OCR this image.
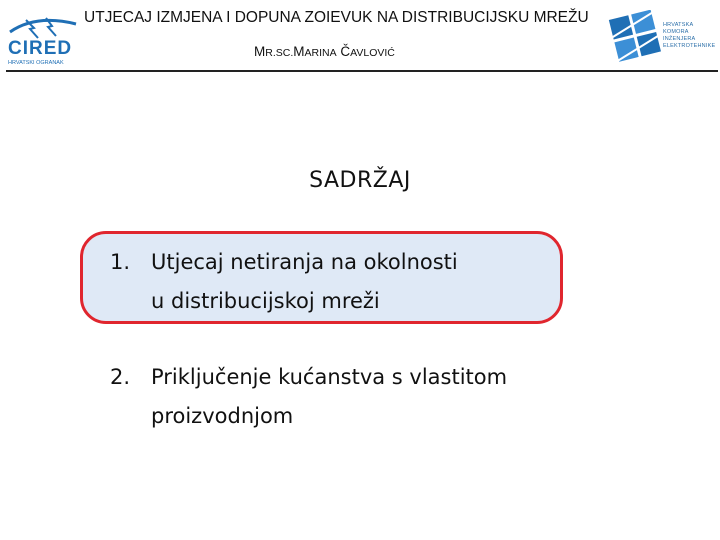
CIRED
HRVATSKI OGRANAK
UTJECAJ IZMJENA I DOPUNA ZOIEVUK NA DISTRIBUCIJSKU MREŽU
MR.SC.MARINA ČAVLOVIĆ
HRVATSKA
KOMORA
INŽENJERA
ELEKTROTEHNIKE
SADRŽAJ
1. Utjecaj netiranja na okolnosti
u distribucijskoj mreži
2. Priključenje kućanstva s vlastitom
proizvodnjom
